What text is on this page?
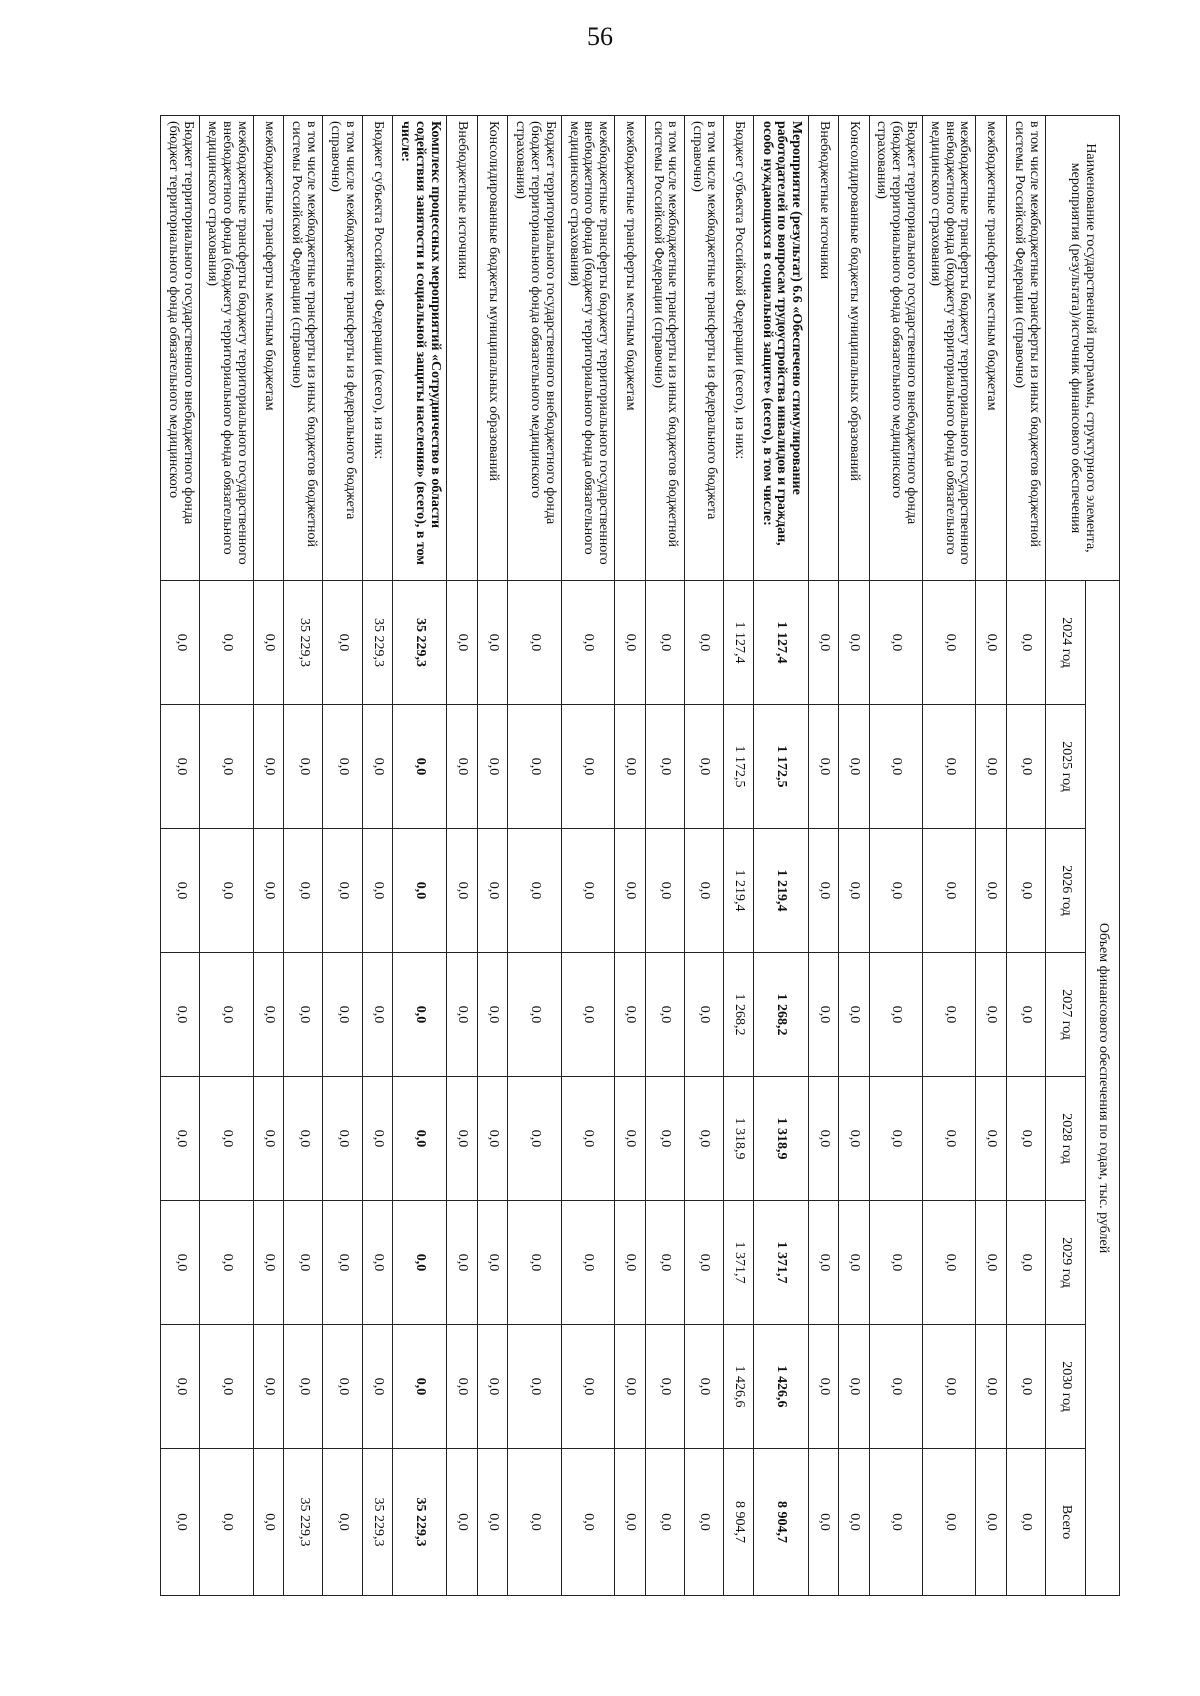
56
Наименование государственной программы, структурного элемента, мероприятия (результата)/источник финансового обеспечения	Объем финансового обеспечения по годам, тыс. рублей							
	2024 год	2025 год	2026 год	2027 год	2028 год	2029 год	2030 год	Всего
в том числе межбюджетные трансферты из иных бюджетов бюджетной системы Российской Федерации (справочно)	0,0	0,0	0,0	0,0	0,0	0,0	0,0	0,0
межбюджетные трансферты местным бюджетам	0,0	0,0	0,0	0,0	0,0	0,0	0,0	0,0
межбюджетные трансферты бюджету территориального государственного внебюджетного фонда (бюджету территориального фонда обязательного медицинского страхования)	0,0	0,0	0,0	0,0	0,0	0,0	0,0	0,0
Бюджет территориального государственного внебюджетного фонда (бюджет территориального фонда обязательного медицинского страхования)	0,0	0,0	0,0	0,0	0,0	0,0	0,0	0,0
Консолидированные бюджеты муниципальных образований	0,0	0,0	0,0	0,0	0,0	0,0	0,0	0,0
Внебюджетные источники	0,0	0,0	0,0	0,0	0,0	0,0	0,0	0,0
Мероприятие (результат) 6.6 «Обеспечено стимулирование работодателей по вопросам трудоустройства инвалидов и граждан, особо нуждающихся в социальной защите» (всего), в том числе:	1 127,4	1 172,5	1 219,4	1 268,2	1 318,9	1 371,7	1 426,6	8 904,7
Бюджет субъекта Российской Федерации (всего), из них:	1 127,4	1 172,5	1 219,4	1 268,2	1 318,9	1 371,7	1 426,6	8 904,7
в том числе межбюджетные трансферты из федерального бюджета (справочно)	0,0	0,0	0,0	0,0	0,0	0,0	0,0	0,0
в том числе межбюджетные трансферты из иных бюджетов бюджетной системы Российской Федерации (справочно)	0,0	0,0	0,0	0,0	0,0	0,0	0,0	0,0
межбюджетные трансферты местным бюджетам	0,0	0,0	0,0	0,0	0,0	0,0	0,0	0,0
межбюджетные трансферты бюджету территориального государственного внебюджетного фонда (бюджету территориального фонда обязательного медицинского страхования)	0,0	0,0	0,0	0,0	0,0	0,0	0,0	0,0
Бюджет территориального государственного внебюджетного фонда (бюджет территориального фонда обязательного медицинского страхования)	0,0	0,0	0,0	0,0	0,0	0,0	0,0	0,0
Консолидированные бюджеты муниципальных образований	0,0	0,0	0,0	0,0	0,0	0,0	0,0	0,0
Внебюджетные источники	0,0	0,0	0,0	0,0	0,0	0,0	0,0	0,0
Комплекс процессных мероприятий «Сотрудничество в области содействия занятости и социальной защиты населения» (всего), в том числе:	35 229,3	0,0	0,0	0,0	0,0	0,0	0,0	35 229,3
Бюджет субъекта Российской Федерации (всего), из них:	35 229,3	0,0	0,0	0,0	0,0	0,0	0,0	35 229,3
в том числе межбюджетные трансферты из федерального бюджета (справочно)	0,0	0,0	0,0	0,0	0,0	0,0	0,0	0,0
в том числе межбюджетные трансферты из иных бюджетов бюджетной системы Российской Федерации (справочно)	35 229,3	0,0	0,0	0,0	0,0	0,0	0,0	35 229,3
межбюджетные трансферты местным бюджетам	0,0	0,0	0,0	0,0	0,0	0,0	0,0	0,0
межбюджетные трансферты бюджету территориального государственного внебюджетного фонда (бюджету территориального фонда обязательного медицинского страхования)	0,0	0,0	0,0	0,0	0,0	0,0	0,0	0,0
Бюджет территориального государственного внебюджетного фонда (бюджет территориального фонда обязательного медицинского	0,0	0,0	0,0	0,0	0,0	0,0	0,0	0,0
